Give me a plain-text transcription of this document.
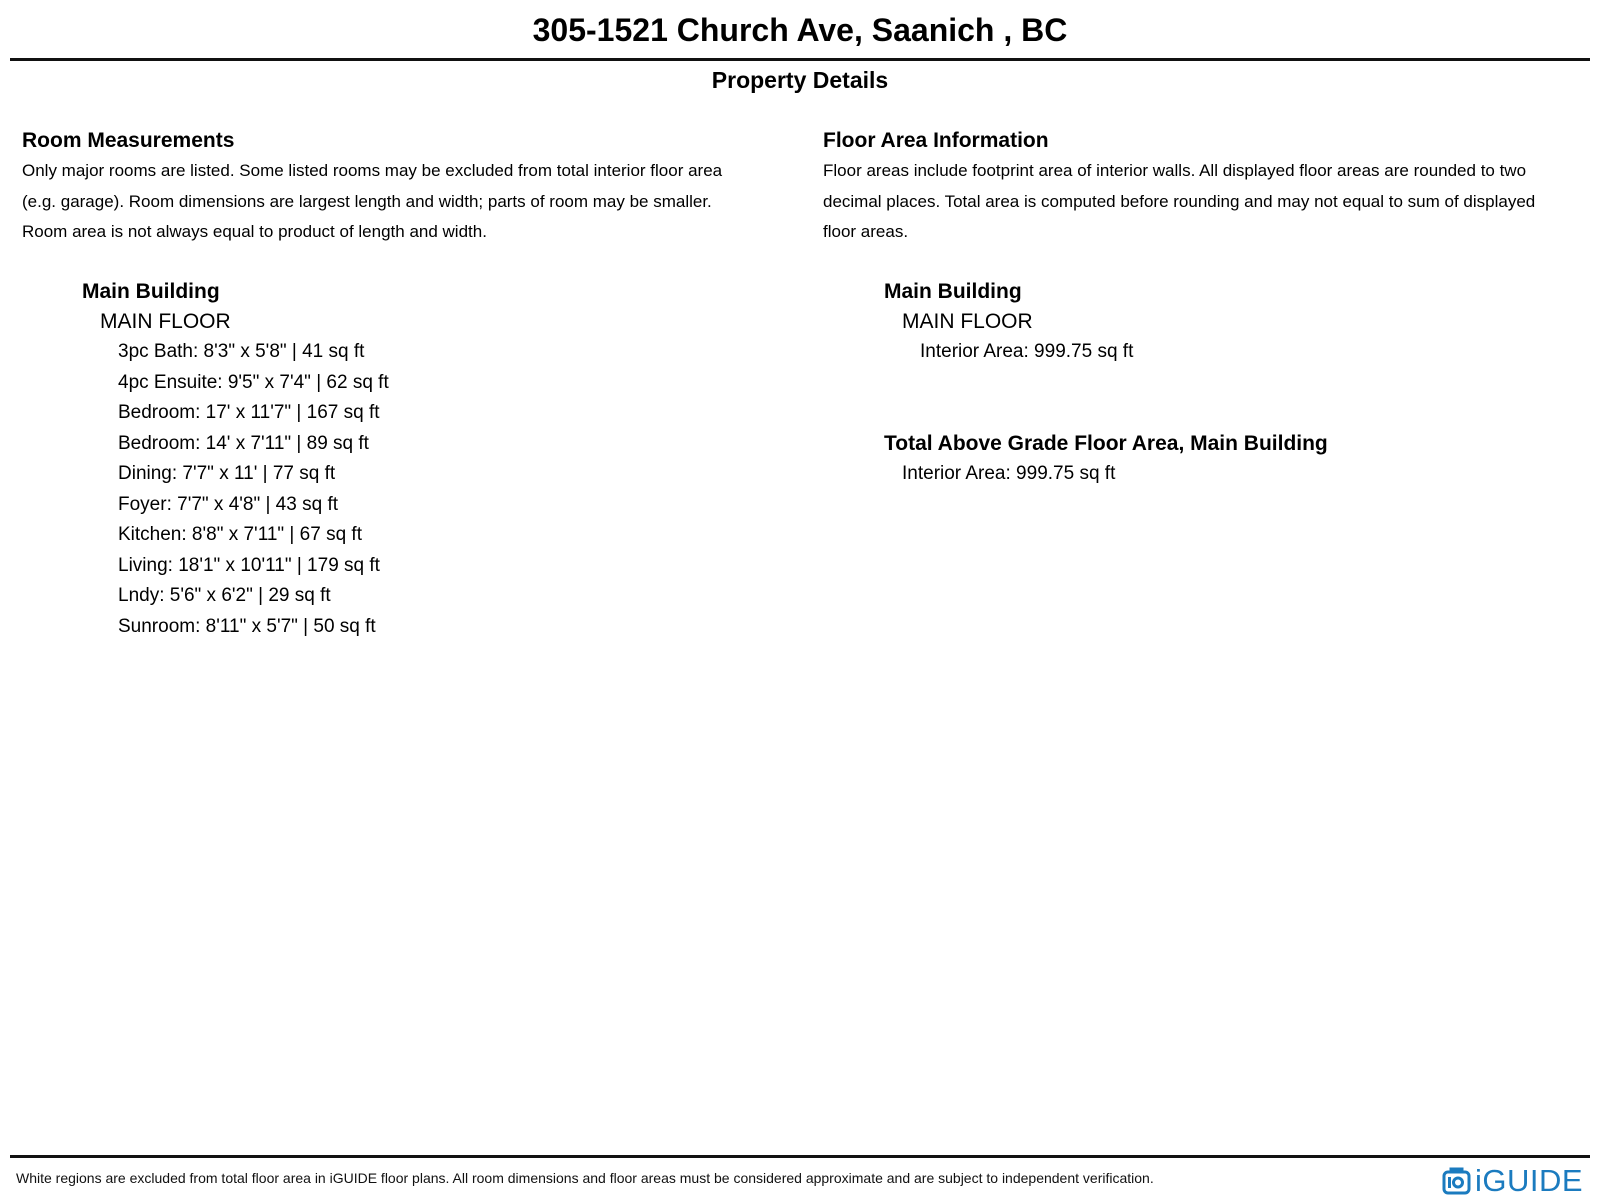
305-1521 Church Ave, Saanich , BC
Property Details
Room Measurements
Only major rooms are listed. Some listed rooms may be excluded from total interior floor area
(e.g. garage). Room dimensions are largest length and width; parts of room may be smaller.
Room area is not always equal to product of length and width.
Main Building
MAIN FLOOR
3pc Bath: 8'3" x 5'8" | 41 sq ft
4pc Ensuite: 9'5" x 7'4" | 62 sq ft
Bedroom: 17' x 11'7" | 167 sq ft
Bedroom: 14' x 7'11" | 89 sq ft
Dining: 7'7" x 11' | 77 sq ft
Foyer: 7'7" x 4'8" | 43 sq ft
Kitchen: 8'8" x 7'11" | 67 sq ft
Living: 18'1" x 10'11" | 179 sq ft
Lndy: 5'6" x 6'2" | 29 sq ft
Sunroom: 8'11" x 5'7" | 50 sq ft
Floor Area Information
Floor areas include footprint area of interior walls. All displayed floor areas are rounded to two
decimal places. Total area is computed before rounding and may not equal to sum of displayed
floor areas.
Main Building
MAIN FLOOR
Interior Area: 999.75 sq ft
Total Above Grade Floor Area, Main Building
Interior Area: 999.75 sq ft
White regions are excluded from total floor area in iGUIDE floor plans. All room dimensions and floor areas must be considered approximate and are subject to independent verification.	iGUIDE
